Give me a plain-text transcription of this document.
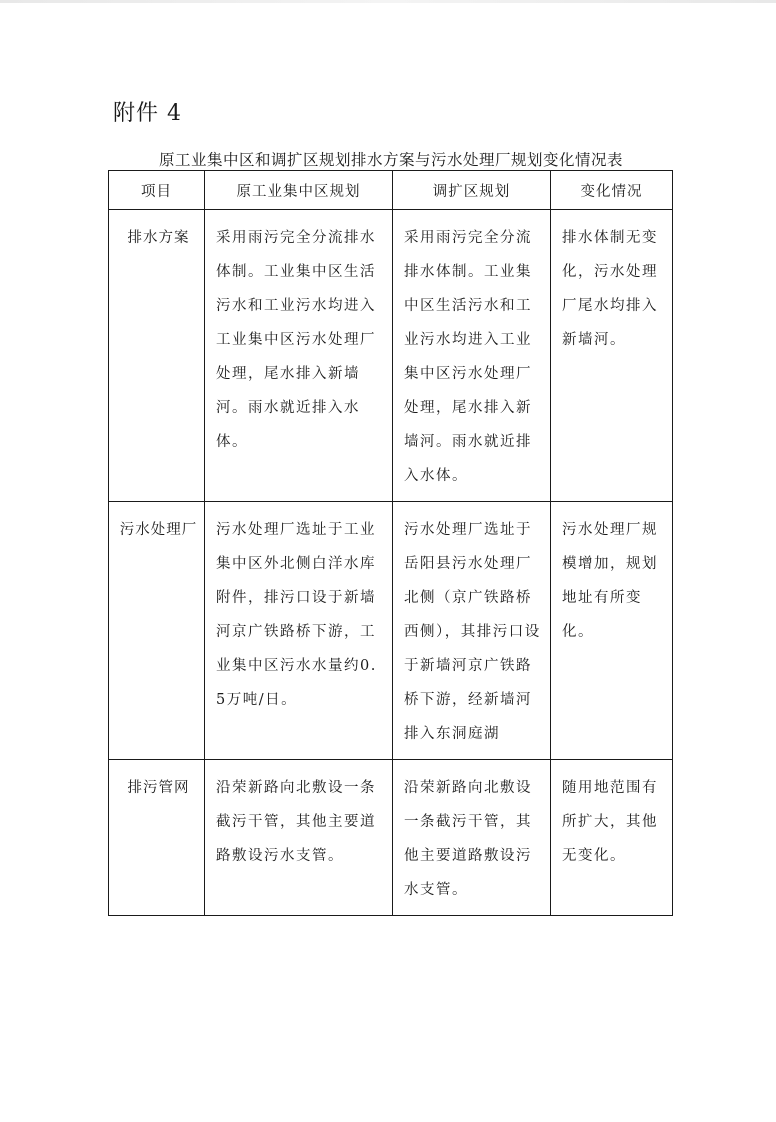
附件 4
原工业集中区和调扩区规划排水方案与污水处理厂规划变化情况表
项目	原工业集中区规划	调扩区规划	变化情况

排水方案	采用雨污完全分流排水体制。工业集中区生活污水和工业污水均进入工业集中区污水处理厂处理，尾水排入新墙河。雨水就近排入水体。	采用雨污完全分流排水体制。工业集中区生活污水和工业污水均进入工业集中区污水处理厂处理，尾水排入新墙河。雨水就近排入水体。	排水体制无变化，污水处理厂尾水均排入新墙河。

污水处理厂	污水处理厂选址于工业集中区外北侧白洋水库附件，排污口设于新墙河京广铁路桥下游，工业集中区污水水量约0.5万吨/日。	污水处理厂选址于岳阳县污水处理厂北侧（京广铁路桥西侧），其排污口设于新墙河京广铁路桥下游，经新墙河排入东洞庭湖	污水处理厂规模增加，规划地址有所变化。

排污管网	沿荣新路向北敷设一条截污干管，其他主要道路敷设污水支管。	沿荣新路向北敷设一条截污干管，其他主要道路敷设污水支管。	随用地范围有所扩大，其他无变化。
